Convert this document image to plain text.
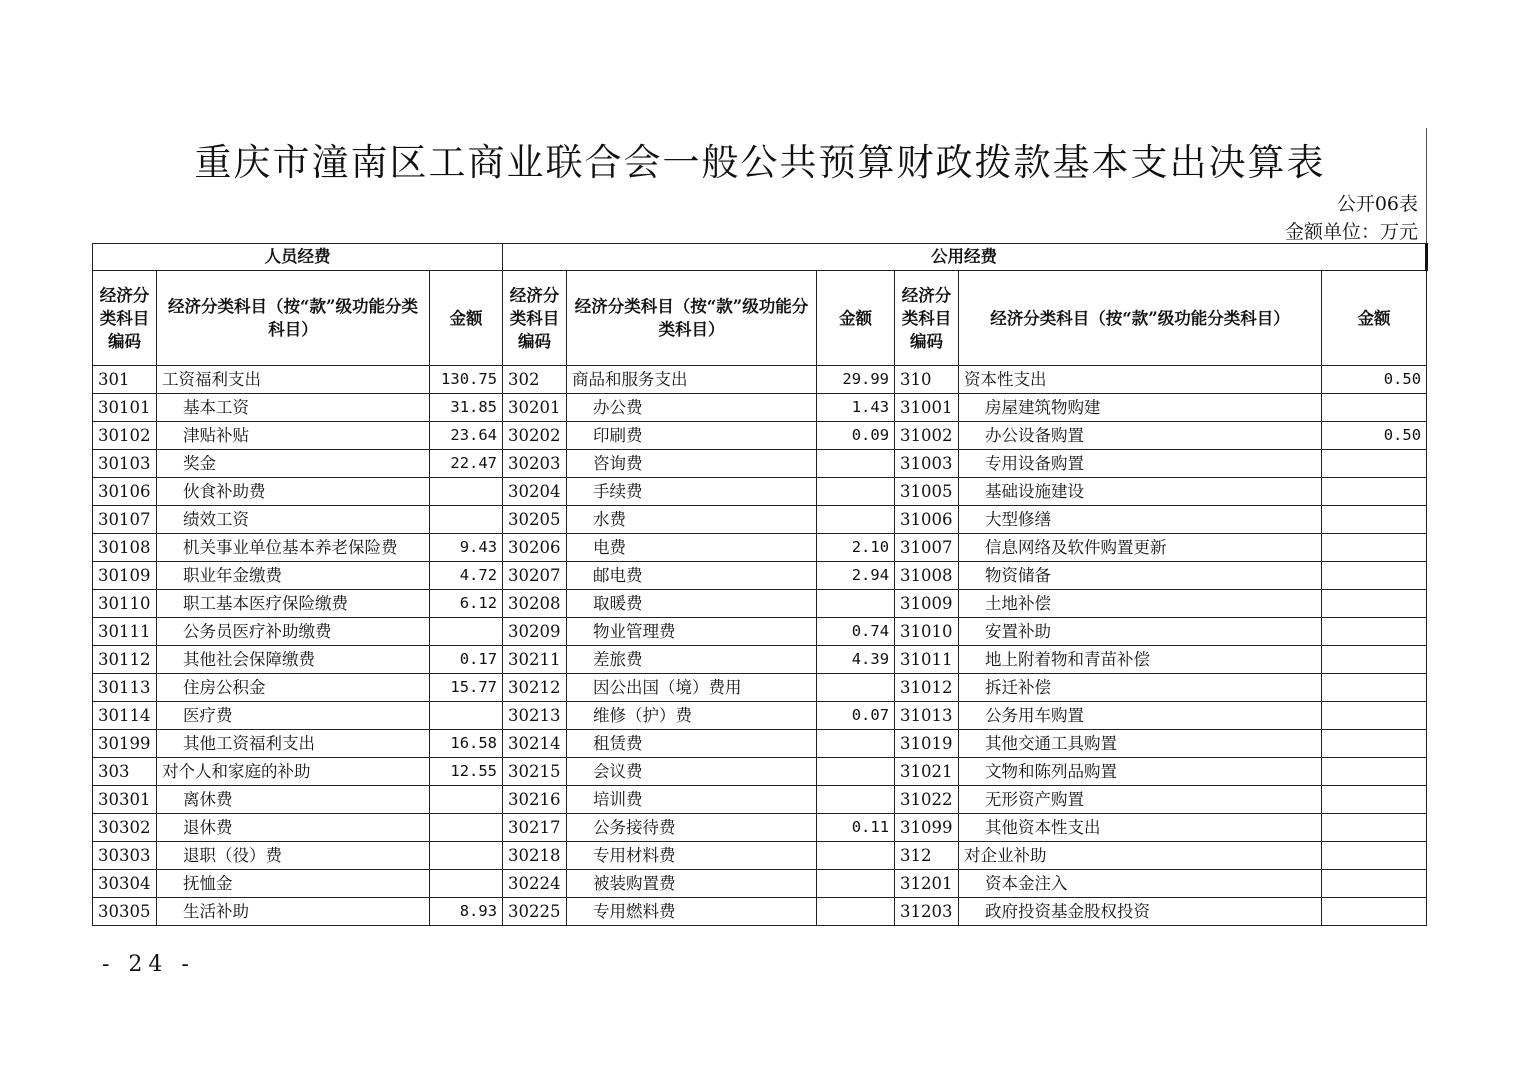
重庆市潼南区工商业联合会一般公共预算财政拨款基本支出决算表
公开06表
金额单位：万元
人员经费			公用经费					
经济分类科目编码	经济分类科目（按“款”级功能分类科目）	金额	经济分类科目编码	经济分类科目（按“款”级功能分类科目）	金额	经济分类科目编码	经济分类科目（按“款”级功能分类科目）	金额
301	工资福利支出	130.75	302	商品和服务支出	29.99	310	资本性支出	0.50
30101	基本工资	31.85	30201	办公费	1.43	31001	房屋建筑物购建	
30102	津贴补贴	23.64	30202	印刷费	0.09	31002	办公设备购置	0.50
30103	奖金	22.47	30203	咨询费		31003	专用设备购置	
30106	伙食补助费		30204	手续费		31005	基础设施建设	
30107	绩效工资		30205	水费		31006	大型修缮	
30108	机关事业单位基本养老保险费	9.43	30206	电费	2.10	31007	信息网络及软件购置更新	
30109	职业年金缴费	4.72	30207	邮电费	2.94	31008	物资储备	
30110	职工基本医疗保险缴费	6.12	30208	取暖费		31009	土地补偿	
30111	公务员医疗补助缴费		30209	物业管理费	0.74	31010	安置补助	
30112	其他社会保障缴费	0.17	30211	差旅费	4.39	31011	地上附着物和青苗补偿	
30113	住房公积金	15.77	30212	因公出国（境）费用		31012	拆迁补偿	
30114	医疗费		30213	维修（护）费	0.07	31013	公务用车购置	
30199	其他工资福利支出	16.58	30214	租赁费		31019	其他交通工具购置	
303	对个人和家庭的补助	12.55	30215	会议费		31021	文物和陈列品购置	
30301	离休费		30216	培训费		31022	无形资产购置	
30302	退休费		30217	公务接待费	0.11	31099	其他资本性支出	
30303	退职（役）费		30218	专用材料费		312	对企业补助	
30304	抚恤金		30224	被装购置费		31201	资本金注入	
30305	生活补助	8.93	30225	专用燃料费		31203	政府投资基金股权投资	
- 24 -
